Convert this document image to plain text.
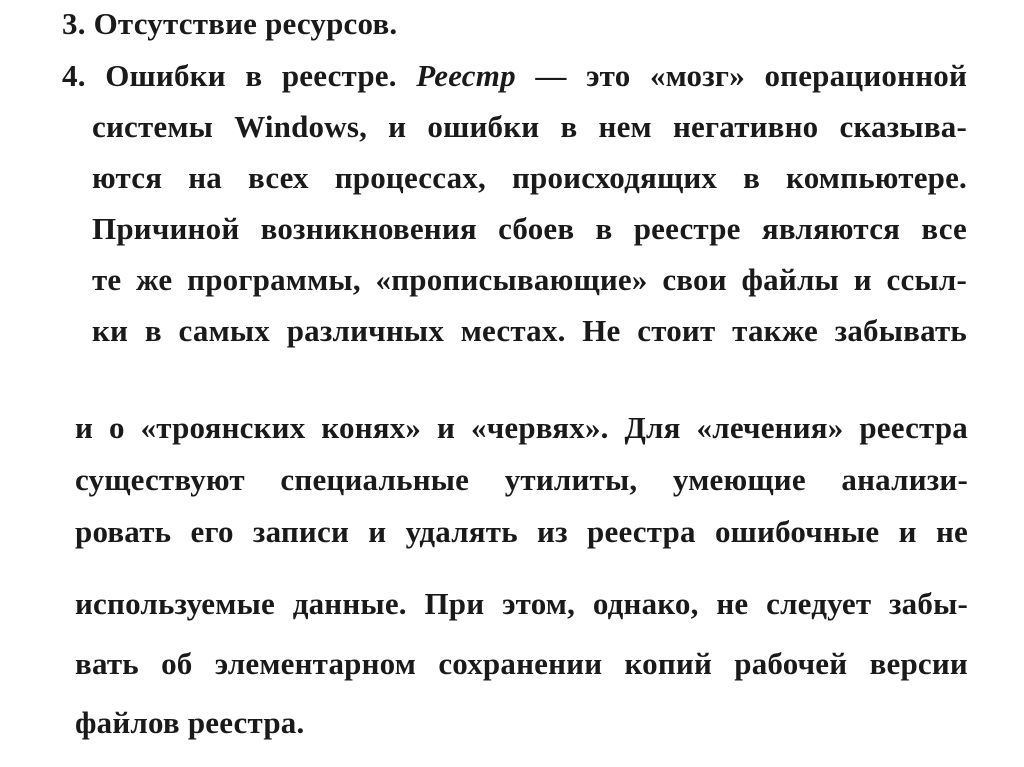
3. Отсутствие ресурсов.
4. Ошибки в реестре. Реестр — это «мозг» операционной
системы Windows, и ошибки в нем негативно сказыва-
ются на всех процессах, происходящих в компьютере.
Причиной возникновения сбоев в реестре являются все
те же программы, «прописывающие» свои файлы и ссыл-
ки в самых различных местах. Не стоит также забывать
и о «троянских конях» и «червях». Для «лечения» реестра
существуют специальные утилиты, умеющие анализи-
ровать его записи и удалять из реестра ошибочные и не
используемые данные. При этом, однако, не следует забы-
вать об элементарном сохранении копий рабочей версии
файлов реестра.
